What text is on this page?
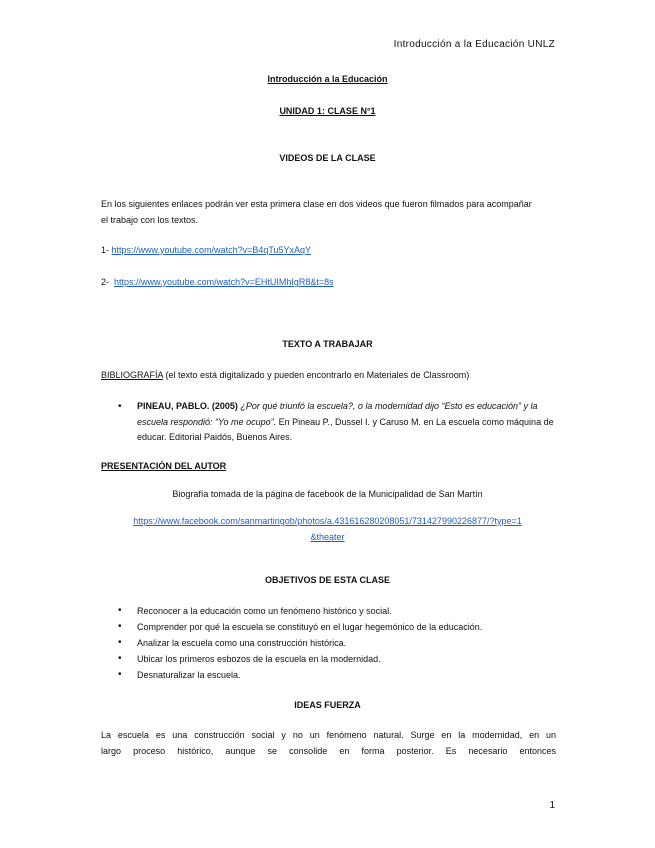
Introducción a la Educación UNLZ
Introducción a la Educación
UNIDAD 1: CLASE N°1
VIDEOS DE LA CLASE
En los siguientes enlaces podrán ver esta primera clase en dos videos que fueron filmados para acompañar el trabajo con los textos.
1- https://www.youtube.com/watch?v=B4qTu5YxAqY
2-  https://www.youtube.com/watch?v=EHtUIMhIgR8&t=8s
TEXTO A TRABAJAR
BIBLIOGRAFÍA (el texto está digitalizado y pueden encontrarlo en Materiales de Classroom)
• PINEAU, PABLO. (2005) ¿Por qué triunfó la escuela?, o la modernidad dijo “Esto es educación” y la escuela respondió: “Yo me ocupo”. En Pineau P., Dussel I. y Caruso M. en La escuela como máquina de educar. Editorial Paidós, Buenos Aires.
PRESENTACIÓN DEL AUTOR
Biografía tomada de la página de facebook de la Municipalidad de San Martín
https://www.facebook.com/sanmartingob/photos/a.431616280208051/731427990226877/?type=1
&theater
OBJETIVOS DE ESTA CLASE
• Reconocer a la educación como un fenómeno histórico y social.
• Comprender por qué la escuela se constituyó en el lugar hegemónico de la educación.
• Analizar la escuela como una construcción histórica.
• Ubicar los primeros esbozos de la escuela en la modernidad.
• Desnaturalizar la escuela.
IDEAS FUERZA
La escuela es una construcción social y no un fenómeno natural. Surge en la modernidad, en un
largo proceso histórico, aunque se consolide en forma posterior. Es necesario entonces
1
